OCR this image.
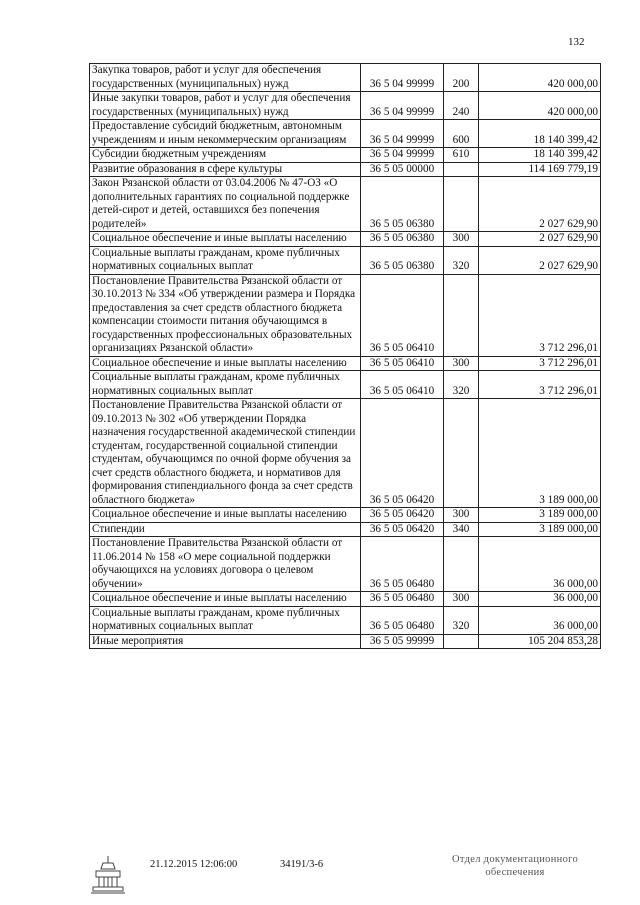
132
Закупка товаров, работ и услуг для обеспечения государственных (муниципальных) нужд	36 5 04 99999	200	420 000,00
Иные закупки товаров, работ и услуг для обеспечения государственных (муниципальных) нужд	36 5 04 99999	240	420 000,00
Предоставление субсидий бюджетным, автономным учреждениям и иным некоммерческим организациям	36 5 04 99999	600	18 140 399,42
Субсидии бюджетным учреждениям	36 5 04 99999	610	18 140 399,42
Развитие образования в сфере культуры	36 5 05 00000		114 169 779,19
Закон Рязанской области от 03.04.2006 № 47-ОЗ «О дополнительных гарантиях по социальной поддержке детей-сирот и детей, оставшихся без попечения родителей»	36 5 05 06380		2 027 629,90
Социальное обеспечение и иные выплаты населению	36 5 05 06380	300	2 027 629,90
Социальные выплаты гражданам, кроме публичных нормативных социальных выплат	36 5 05 06380	320	2 027 629,90
Постановление Правительства Рязанской области от 30.10.2013 № 334 «Об утверждении размера и Порядка предоставления за счет средств областного бюджета компенсации стоимости питания обучающимся в государственных профессиональных образовательных организациях Рязанской области»	36 5 05 06410		3 712 296,01
Социальное обеспечение и иные выплаты населению	36 5 05 06410	300	3 712 296,01
Социальные выплаты гражданам, кроме публичных нормативных социальных выплат	36 5 05 06410	320	3 712 296,01
Постановление Правительства Рязанской области от 09.10.2013 № 302 «Об утверждении Порядка назначения государственной академической стипендии студентам, государственной социальной стипендии студентам, обучающимся по очной форме обучения за счет средств областного бюджета, и нормативов для формирования стипендиального фонда за счет средств областного бюджета»	36 5 05 06420		3 189 000,00
Социальное обеспечение и иные выплаты населению	36 5 05 06420	300	3 189 000,00
Стипендии	36 5 05 06420	340	3 189 000,00
Постановление Правительства Рязанской области от 11.06.2014 № 158 «О мере социальной поддержки обучающихся на условиях договора о целевом обучении»	36 5 05 06480		36 000,00
Социальное обеспечение и иные выплаты населению	36 5 05 06480	300	36 000,00
Социальные выплаты гражданам, кроме публичных нормативных социальных выплат	36 5 05 06480	320	36 000,00
Иные мероприятия	36 5 05 99999		105 204 853,28
21.12.2015 12:06:00	34191/3-6	Отдел документационного
обеспечения
